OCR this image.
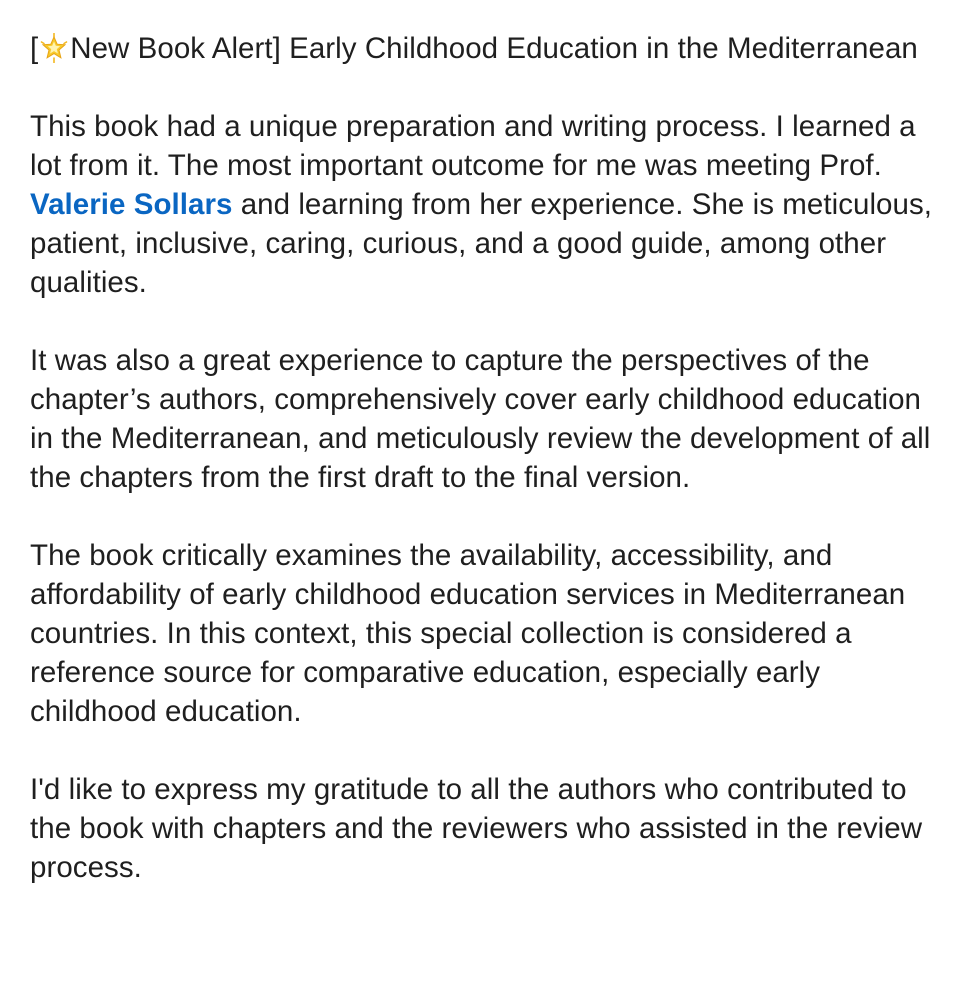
[ New Book Alert] Early Childhood Education in the Mediterranean

This book had a unique preparation and writing process. I learned a lot from it. The most important outcome for me was meeting Prof. Valerie Sollars and learning from her experience. She is meticulous, patient, inclusive, caring, curious, and a good guide, among other qualities.

It was also a great experience to capture the perspectives of the chapter’s authors, comprehensively cover early childhood education in the Mediterranean, and meticulously review the development of all the chapters from the first draft to the final version.

The book critically examines the availability, accessibility, and affordability of early childhood education services in Mediterranean countries. In this context, this special collection is considered a reference source for comparative education, especially early childhood education.

I'd like to express my gratitude to all the authors who contributed to the book with chapters and the reviewers who assisted in the review process.
